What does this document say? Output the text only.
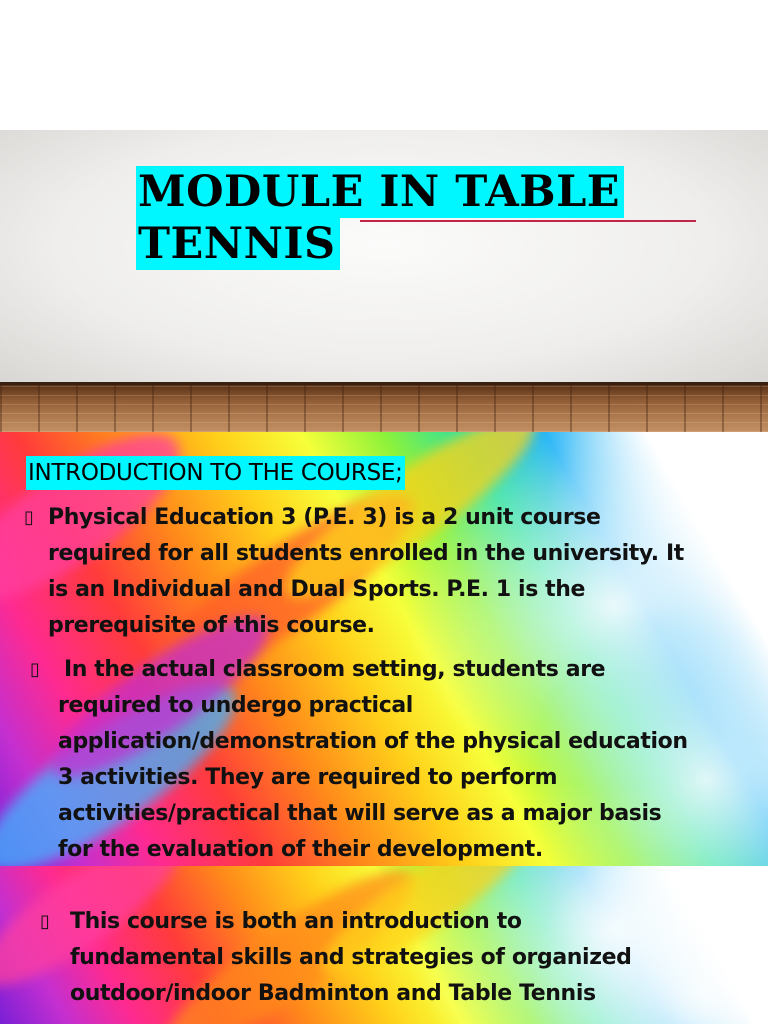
MODULE IN TABLE
TENNIS
INTRODUCTION TO THE COURSE;
▯ Physical Education 3 (P.E. 3) is a 2 unit course
required for all students enrolled in the university. It
is an Individual and Dual Sports. P.E. 1 is the
prerequisite of this course.
▯ In the actual classroom setting, students are
required to undergo practical
application/demonstration of the physical education
3 activities. They are required to perform
activities/practical that will serve as a major basis
for the evaluation of their development.
▯ This course is both an introduction to
fundamental skills and strategies of organized
outdoor/indoor Badminton and Table Tennis
